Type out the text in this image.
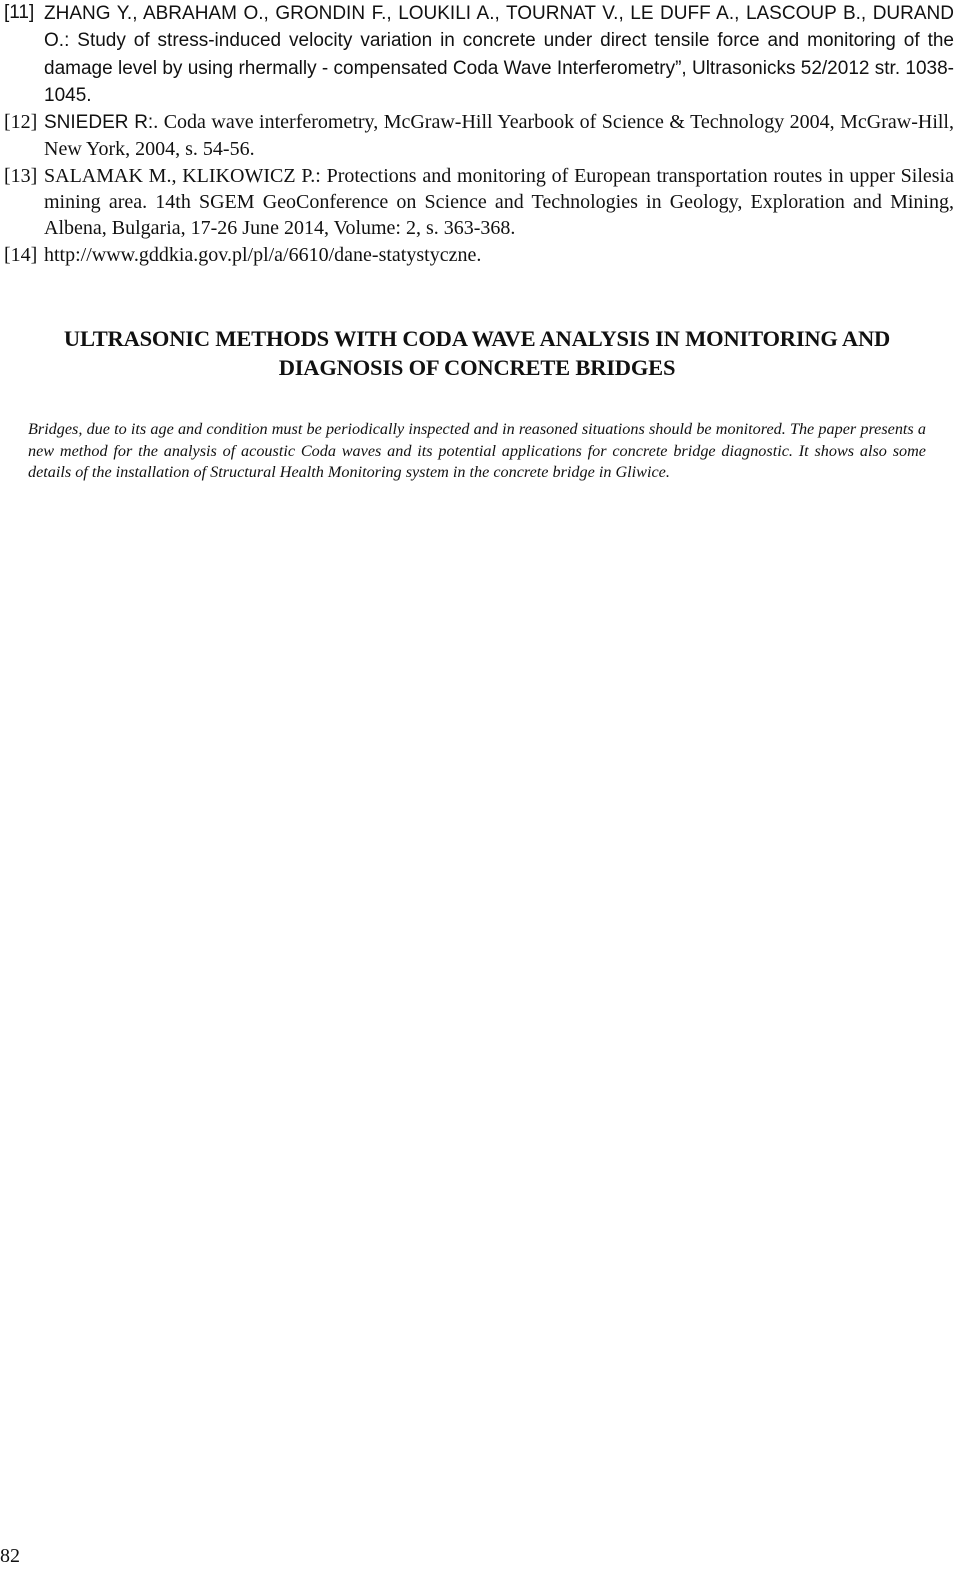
[11] ZHANG Y., ABRAHAM O., GRONDIN F., LOUKILI A., TOURNAT V., LE DUFF A., LASCOUP B., DURAND O.: Study of stress-induced velocity variation in concrete under direct tensile force and monitoring of the damage level by using rhermally - compensated Coda Wave Interferometry”, Ultrasonicks 52/2012 str. 1038-1045.
[12] SNIEDER R:. Coda wave interferometry, McGraw-Hill Yearbook of Science & Technology 2004, McGraw-Hill, New York, 2004, s. 54-56.
[13] SALAMAK M., KLIKOWICZ P.: Protections and monitoring of European transportation routes in upper Silesia mining area. 14th SGEM GeoConference on Science and Technologies in Geology, Exploration and Mining, Albena, Bulgaria, 17-26 June 2014, Volume: 2, s. 363-368.
[14] http://www.gddkia.gov.pl/pl/a/6610/dane-statystyczne.
ULTRASONIC METHODS WITH CODA WAVE ANALYSIS IN MONITORING AND DIAGNOSIS OF CONCRETE BRIDGES
Bridges, due to its age and condition must be periodically inspected and in reasoned situations should be monitored. The paper presents a new method for the analysis of acoustic Coda waves and its potential applications for concrete bridge diagnostic. It shows also some details of the installation of Structural Health Monitoring system in the concrete bridge in Gliwice.
82
